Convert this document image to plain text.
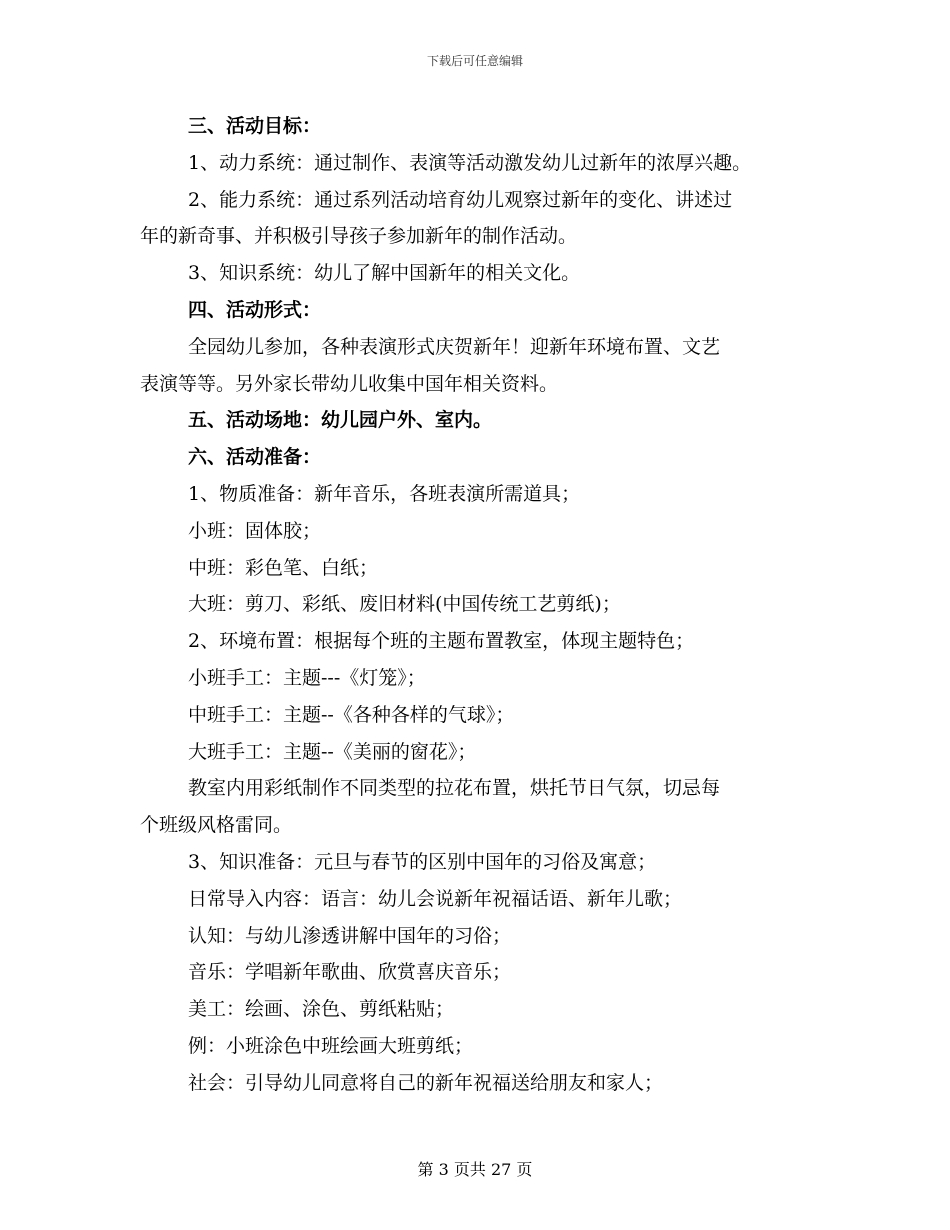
下载后可任意编辑
三、活动目标：
1、动力系统：通过制作、表演等活动激发幼儿过新年的浓厚兴趣。
2、能力系统：通过系列活动培育幼儿观察过新年的变化、讲述过
年的新奇事、并积极引导孩子参加新年的制作活动。
3、知识系统：幼儿了解中国新年的相关文化。
四、活动形式：
全园幼儿参加，各种表演形式庆贺新年！迎新年环境布置、文艺
表演等等。另外家长带幼儿收集中国年相关资料。
五、活动场地：幼儿园户外、室内。
六、活动准备：
1、物质准备：新年音乐，各班表演所需道具；
小班：固体胶；
中班：彩色笔、白纸；
大班：剪刀、彩纸、废旧材料(中国传统工艺剪纸)；
2、环境布置：根据每个班的主题布置教室，体现主题特色；
小班手工：主题---《灯笼》；
中班手工：主题--《各种各样的气球》；
大班手工：主题--《美丽的窗花》；
教室内用彩纸制作不同类型的拉花布置，烘托节日气氛，切忌每
个班级风格雷同。
3、知识准备：元旦与春节的区别中国年的习俗及寓意；
日常导入内容：语言：幼儿会说新年祝福话语、新年儿歌；
认知：与幼儿渗透讲解中国年的习俗；
音乐：学唱新年歌曲、欣赏喜庆音乐；
美工：绘画、涂色、剪纸粘贴；
例：小班涂色中班绘画大班剪纸；
社会：引导幼儿同意将自己的新年祝福送给朋友和家人；
第 3 页共 27 页
